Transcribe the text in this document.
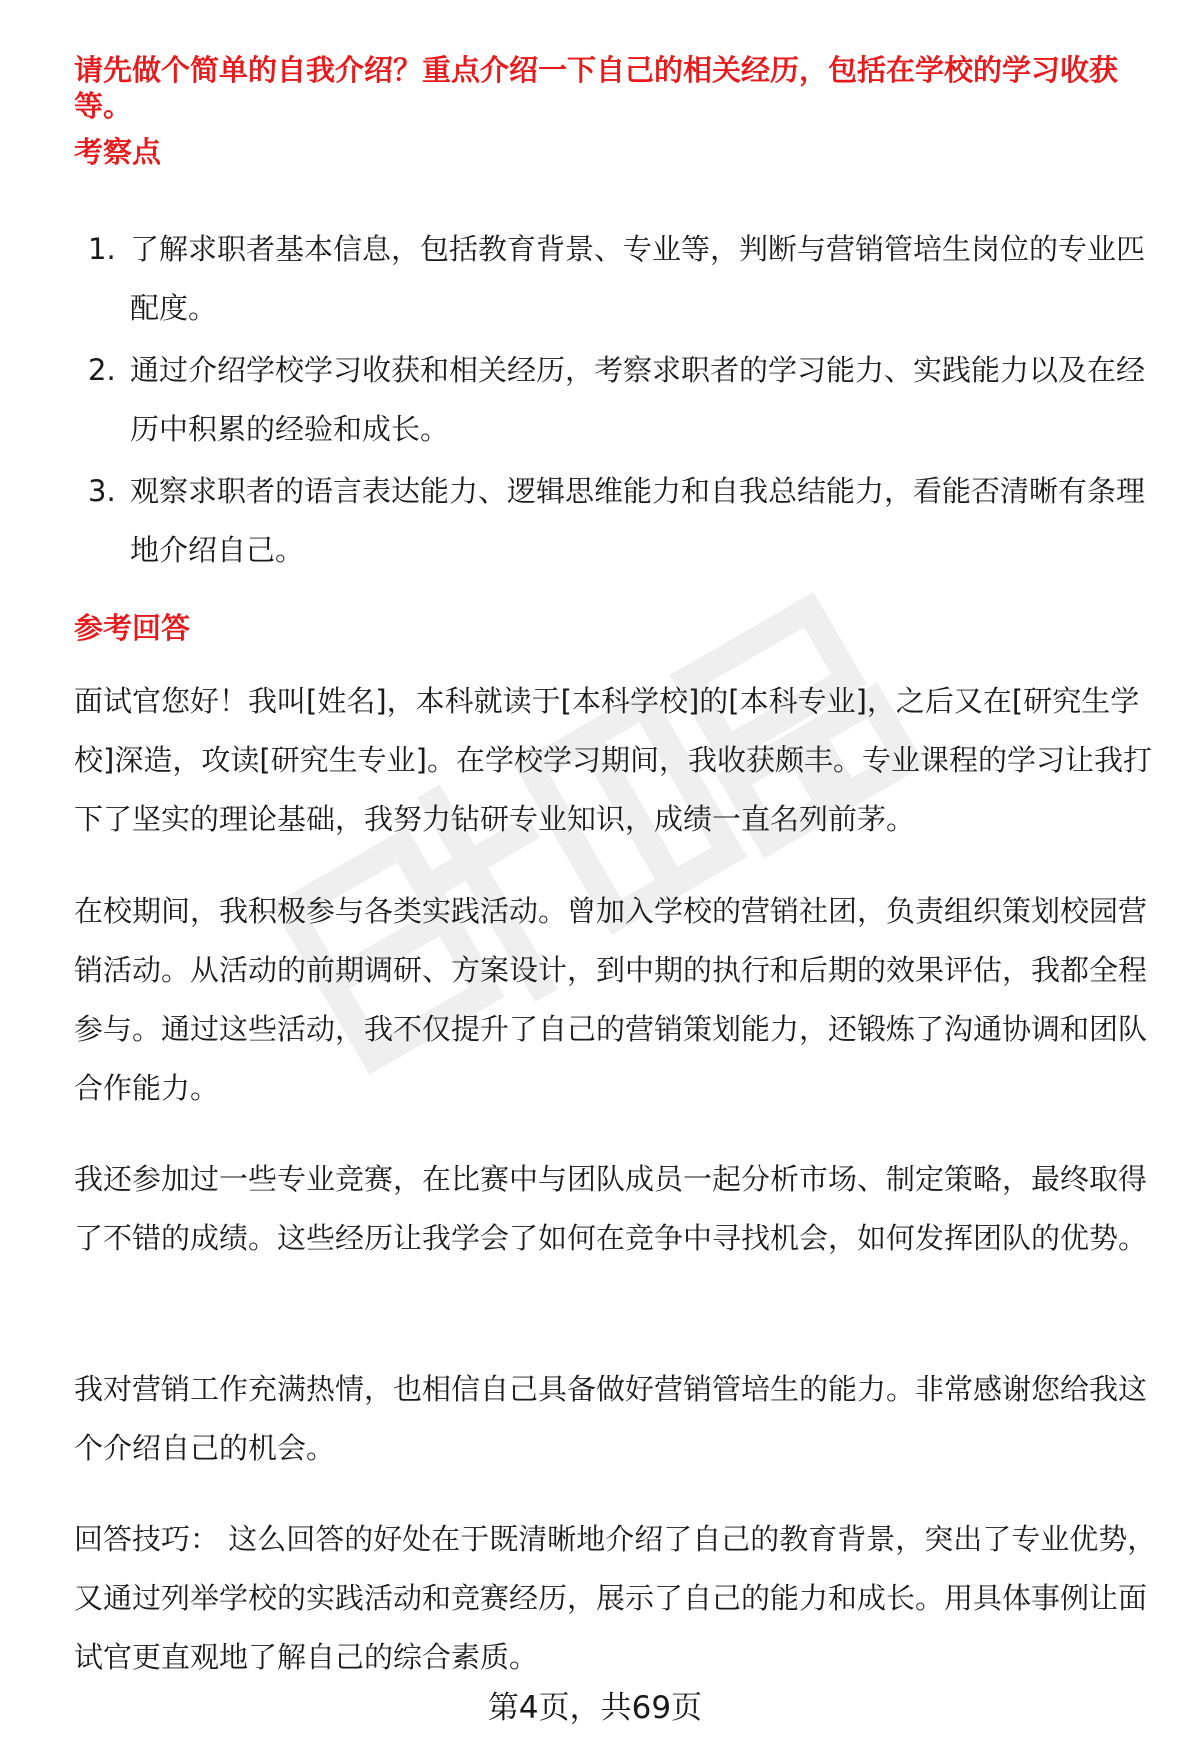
请先做个简单的自我介绍？重点介绍一下自己的相关经历，包括在学校的学习收获等。
考察点
1. 了解求职者基本信息，包括教育背景、专业等，判断与营销管培生岗位的专业匹配度。
2. 通过介绍学校学习收获和相关经历，考察求职者的学习能力、实践能力以及在经历中积累的经验和成长。
3. 观察求职者的语言表达能力、逻辑思维能力和自我总结能力，看能否清晰有条理地介绍自己。
参考回答

面试官您好！我叫[姓名]，本科就读于[本科学校]的[本科专业]，之后又在[研究生学校]深造，攻读[研究生专业]。在学校学习期间，我收获颇丰。专业课程的学习让我打下了坚实的理论基础，我努力钻研专业知识，成绩一直名列前茅。

在校期间，我积极参与各类实践活动。曾加入学校的营销社团，负责组织策划校园营销活动。从活动的前期调研、方案设计，到中期的执行和后期的效果评估，我都全程参与。通过这些活动，我不仅提升了自己的营销策划能力，还锻炼了沟通协调和团队合作能力。

我还参加过一些专业竞赛，在比赛中与团队成员一起分析市场、制定策略，最终取得了不错的成绩。这些经历让我学会了如何在竞争中寻找机会，如何发挥团队的优势。

我对营销工作充满热情，也相信自己具备做好营销管培生的能力。非常感谢您给我这个介绍自己的机会。

回答技巧： 这么回答的好处在于既清晰地介绍了自己的教育背景，突出了专业优势，又通过列举学校的实践活动和竞赛经历，展示了自己的能力和成长。用具体事例让面试官更直观地了解自己的综合素质。

第4页，共69页
